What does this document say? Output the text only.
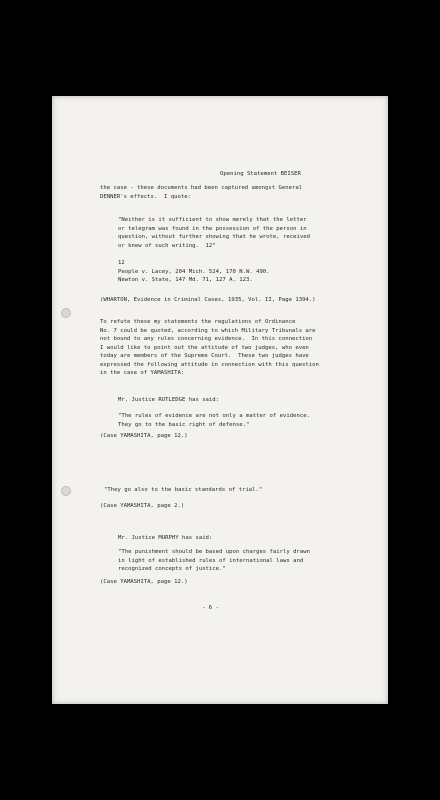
Opening Statement BEISER

the case - these documents had been captured amongst General
DENNER's effects.  I quote:

"Neither is it sufficient to show merely that the letter
or telegram was found in the possession of the person in
question, without further showing that he wrote, received
or knew of such writing.  12"

12
People v. Lacey, 204 Mich. 524, 170 N.W. 490.
Newton v. State, 147 Md. 71, 127 A. 123.

(WHARTON, Evidence in Criminal Cases, 1935, Vol. II, Page 1394.)

To refute these my statements the regulations of Ordinance
No. 7 could be quoted, according to which Military Tribunals are
not bound to any rules concerning evidence.  In this connection
I would like to point out the attitude of two judges, who even
today are members of the Supreme Court.  These two judges have
expressed the following attitude in connection with this question
in the case of YAMASHITA:

Mr. Justice RUTLEDGE has said:

"The rules of evidence are not only a matter of evidence.
They go to the basic right of defense."

(Case YAMASHITA, page 12.)

"They go also to the basic standards of trial."

(Case YAMASHITA, page 2.)

Mr. Justice MURPHY has said:

"The punishment should be based upon charges fairly drawn
in light of established rules of international laws and
recognized concepts of justice."

(Case YAMASHITA, page 12.)

- 6 -
